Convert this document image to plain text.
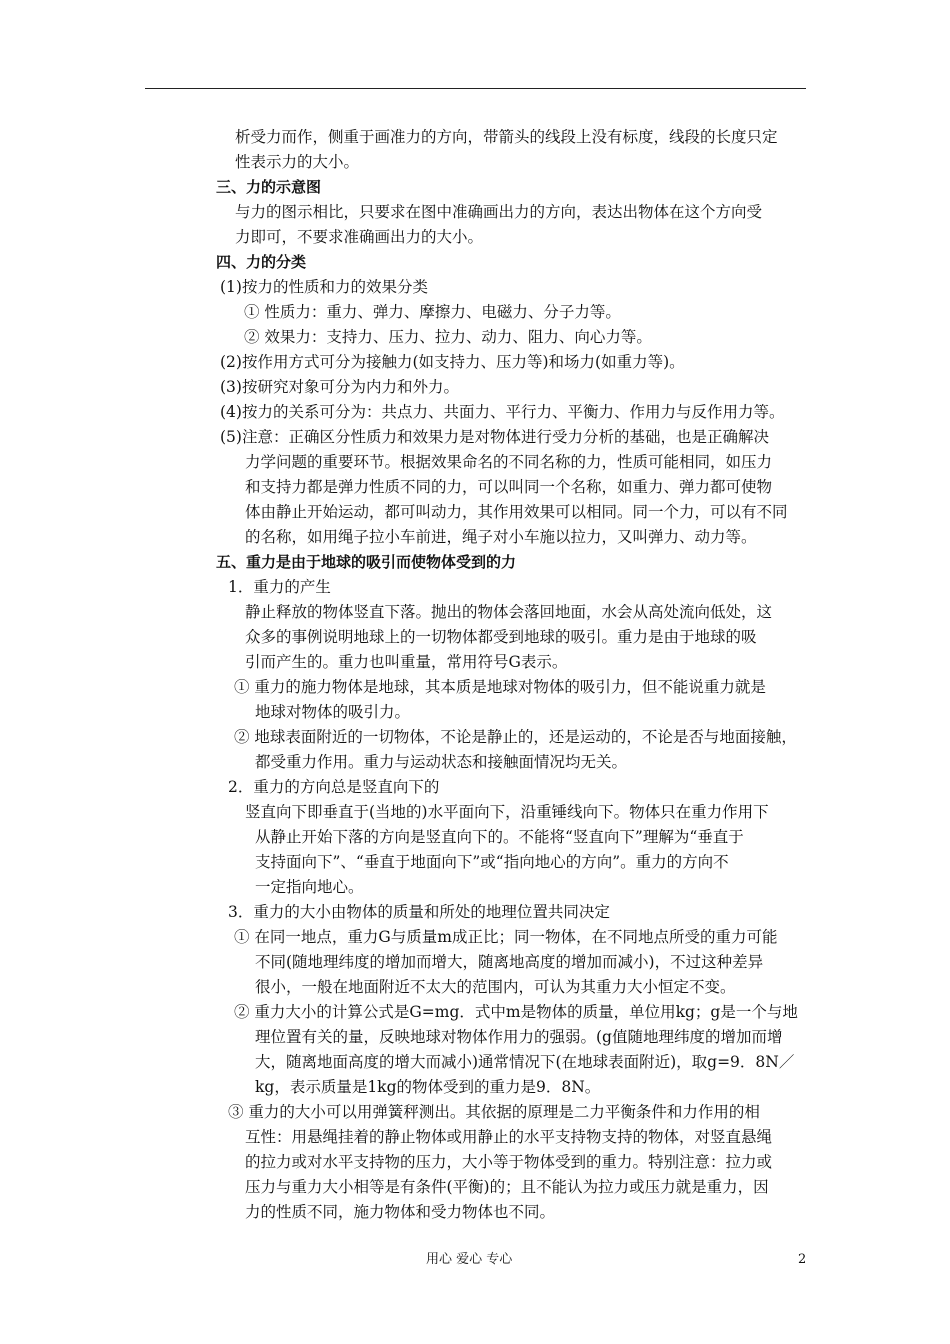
析受力而作，侧重于画准力的方向，带箭头的线段上没有标度，线段的长度只定
性表示力的大小。
三、力的示意图
与力的图示相比，只要求在图中准确画出力的方向，表达出物体在这个方向受
力即可，不要求准确画出力的大小。
四、力的分类
(1)按力的性质和力的效果分类
① 性质力：重力、弹力、摩擦力、电磁力、分子力等。
② 效果力：支持力、压力、拉力、动力、阻力、向心力等。
(2)按作用方式可分为接触力(如支持力、压力等)和场力(如重力等)。
(3)按研究对象可分为内力和外力。
(4)按力的关系可分为：共点力、共面力、平行力、平衡力、作用力与反作用力等。
(5)注意：正确区分性质力和效果力是对物体进行受力分析的基础，也是正确解决
力学问题的重要环节。根据效果命名的不同名称的力，性质可能相同，如压力
和支持力都是弹力性质不同的力，可以叫同一个名称，如重力、弹力都可使物
体由静止开始运动，都可叫动力，其作用效果可以相同。同一个力，可以有不同
的名称，如用绳子拉小车前进，绳子对小车施以拉力，又叫弹力、动力等。
五、重力是由于地球的吸引而使物体受到的力
1．重力的产生
静止释放的物体竖直下落。抛出的物体会落回地面，水会从高处流向低处，这
众多的事例说明地球上的一切物体都受到地球的吸引。重力是由于地球的吸
引而产生的。重力也叫重量，常用符号G表示。
① 重力的施力物体是地球，其本质是地球对物体的吸引力，但不能说重力就是
地球对物体的吸引力。
② 地球表面附近的一切物体，不论是静止的，还是运动的，不论是否与地面接触，
都受重力作用。重力与运动状态和接触面情况均无关。
2．重力的方向总是竖直向下的
竖直向下即垂直于(当地的)水平面向下，沿重锤线向下。物体只在重力作用下
从静止开始下落的方向是竖直向下的。不能将“竖直向下”理解为“垂直于
支持面向下”、“垂直于地面向下”或“指向地心的方向”。重力的方向不
一定指向地心。
3．重力的大小由物体的质量和所处的地理位置共同决定
① 在同一地点，重力G与质量m成正比；同一物体，在不同地点所受的重力可能
不同(随地理纬度的增加而增大，随离地高度的增加而减小)，不过这种差异
很小，一般在地面附近不太大的范围内，可认为其重力大小恒定不变。
② 重力大小的计算公式是G=mg．式中m是物体的质量，单位用kg；g是一个与地
理位置有关的量，反映地球对物体作用力的强弱。(g值随地理纬度的增加而增
大，随离地面高度的增大而减小)通常情况下(在地球表面附近)，取g=9．8N／
kg，表示质量是1kg的物体受到的重力是9．8N。
③ 重力的大小可以用弹簧秤测出。其依据的原理是二力平衡条件和力作用的相
互性：用悬绳挂着的静止物体或用静止的水平支持物支持的物体，对竖直悬绳
的拉力或对水平支持物的压力，大小等于物体受到的重力。特别注意：拉力或
压力与重力大小相等是有条件(平衡)的；且不能认为拉力或压力就是重力，因
力的性质不同，施力物体和受力物体也不同。
用心 爱心 专心	2
